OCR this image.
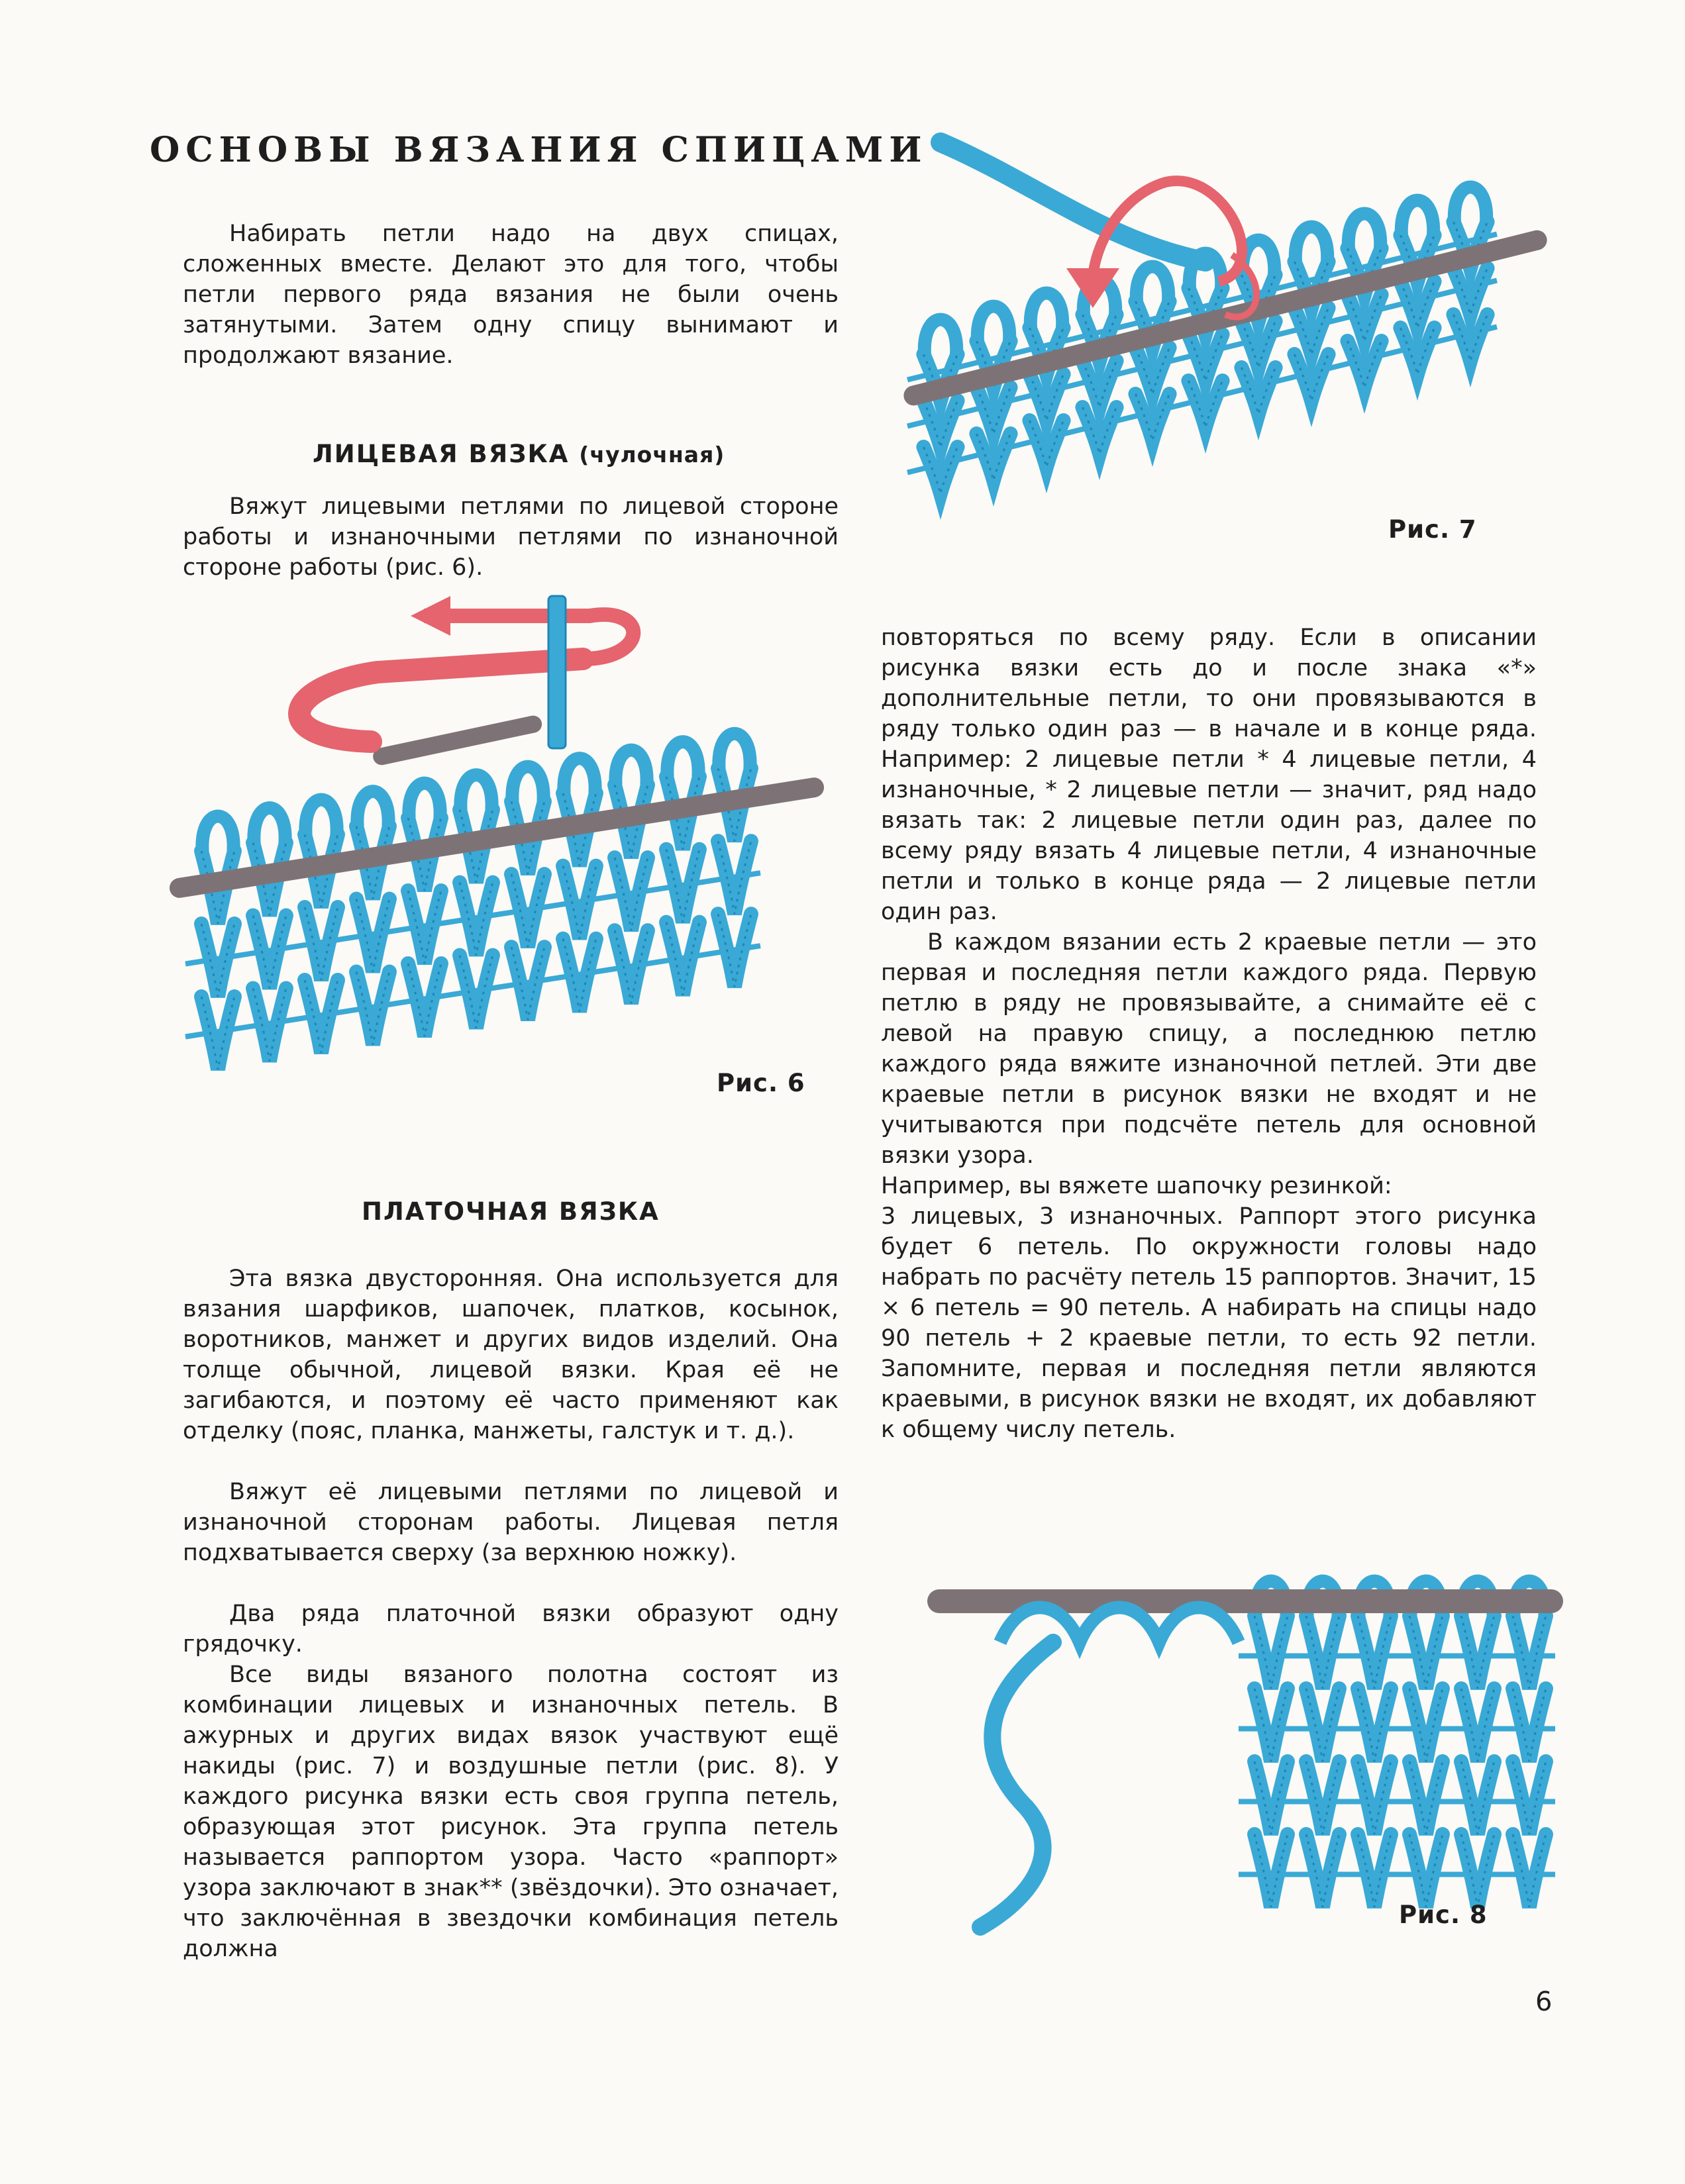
ОСНОВЫ ВЯЗАНИЯ СПИЦАМИ

Набирать петли надо на двух спицах, сложенных вместе. Делают это для того, чтобы петли первого ряда вязания не были очень затянутыми. Затем одну спицу вынимают и продолжают вязание.

ЛИЦЕВАЯ ВЯЗКА (чулочная)

Вяжут лицевыми петлями по лицевой стороне работы и изнаночными петлями по изнаночной стороне работы (рис. 6).

Рис. 6
ПЛАТОЧНАЯ ВЯЗКА

Эта вязка двусторонняя. Она используется для вязания шарфиков, шапочек, платков, косынок, воротников, манжет и других видов изделий. Она толще обычной, лицевой вязки. Края её не загибаются, и поэтому её часто применяют как отделку (пояс, планка, манжеты, галстук и т. д.).

Вяжут её лицевыми петлями по лицевой и изнаночной сторонам работы. Лицевая петля подхватывается сверху (за верхнюю ножку).

Два ряда платочной вязки образуют одну грядочку.

Все виды вязаного полотна состоят из комбинации лицевых и изнаночных петель. В ажурных и других видах вязок участвуют ещё накиды (рис. 7) и воздушные петли (рис. 8). У каждого рисунка вязки есть своя группа петель, образующая этот рисунок. Эта группа петель называется раппортом узора. Часто «раппорт» узора заключают в знак** (звёздочки). Это означает, что заключённая в звездочки комбинация петель должна

Рис. 7

повторяться по всему ряду. Если в описании рисунка вязки есть до и после знака «*» дополнительные петли, то они провязываются в ряду только один раз — в начале и в конце ряда. Например: 2 лицевые петли * 4 лицевые петли, 4 изнаночные, * 2 лицевые петли — значит, ряд надо вязать так: 2 лицевые петли один раз, далее по всему ряду вязать 4 лицевые петли, 4 изнаночные петли и только в конце ряда — 2 лицевые петли один раз.

В каждом вязании есть 2 краевые петли — это первая и последняя петли каждого ряда. Первую петлю в ряду не провязывайте, а снимайте её с левой на правую спицу, а последнюю петлю каждого ряда вяжите изнаночной петлей. Эти две краевые петли в рисунок вязки не входят и не учитываются при подсчёте петель для основной вязки узора.

Например, вы вяжете шапочку резинкой:

3 лицевых, 3 изнаночных. Раппорт этого рисунка будет 6 петель. По окружности головы надо набрать по расчёту петель 15 раппортов. Значит, 15 × 6 петель = 90 петель. А набирать на спицы надо 90 петель + 2 краевые петли, то есть 92 петли. Запомните, первая и последняя петли являются краевыми, в рисунок вязки не входят, их добавляют к общему числу петель.

Рис. 8
6
